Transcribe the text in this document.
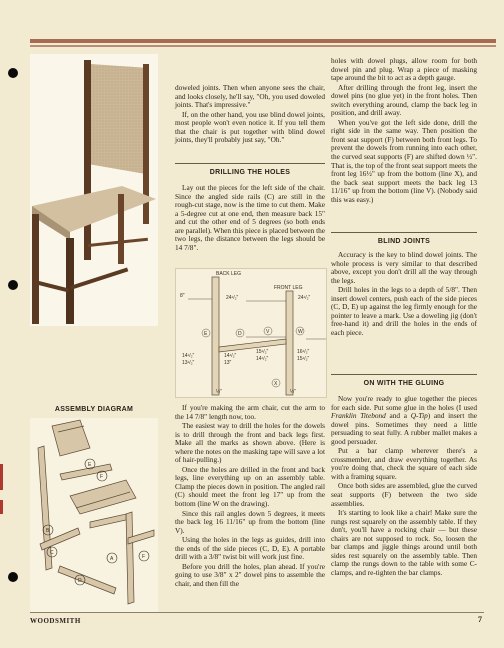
ASSEMBLY DIAGRAM
E
F
B
C
F
A
D

doweled joints. Then when anyone sees the chair, and looks closely, he'll say, "Oh, you used doweled joints. That's impressive."

If, on the other hand, you use blind dowel joints, most people won't even notice it. If you tell them that the chair is put together with blind dowel joints, they'll probably just say, "Oh."

DRILLING THE HOLES

Lay out the pieces for the left side of the chair. Since the angled side rails (C) are still in the rough-cut stage, now is the time to cut them. Make a 5-degree cut at one end, then measure back 15" and cut the other end of 5 degrees (so both ends are parallel). When this piece is placed between the two legs, the distance between the legs should be 14 7/8".

BACK LEG
FRONT LEG
8"	24¹/₂"	24¹/₂"
14¹/₂"
13¹/₂"
14¹/₂"
13"
15¹/₂"
14¹/₂"
16¹/₂"
15¹/₂"
½"	½"
E	D	V	W
X

If you're making the arm chair, cut the arm to the 14 7/8" length now, too.

The easiest way to drill the holes for the dowels is to drill through the front and back legs first. Make all the marks as shown above. (Here is where the notes on the masking tape will save a lot of hair-pulling.)

Once the holes are drilled in the front and back legs, line everything up on an assembly table. Clamp the pieces down in position. The angled rail (C) should meet the front leg 17" up from the bottom (line W on the drawing).

Since this rail angles down 5 degrees, it meets the back leg 16 11/16" up from the bottom (line V).

Using the holes in the legs as guides, drill into the ends of the side pieces (C, D, E). A portable drill with a 3/8" twist bit will work just fine.

Before you drill the holes, plan ahead. If you're going to use 3/8" x 2" dowel pins to assemble the chair, and then fill the

holes with dowel plugs, allow room for both dowel pin and plug. Wrap a piece of masking tape around the bit to act as a depth gauge.

After drilling through the front leg, insert the dowel pins (no glue yet) in the front holes. Then switch everything around, clamp the back leg in position, and drill away.

When you've got the left side done, drill the right side in the same way. Then position the front seat support (F) between both front legs. To prevent the dowels from running into each other, the curved seat supports (F) are shifted down ½". That is, the top of the front seat support meets the front leg 16½" up from the bottom (line X), and the back seat support meets the back leg 13 11/16" up from the bottom (line V). (Nobody said this was easy.)

BLIND JOINTS

Accuracy is the key to blind dowel joints. The whole process is very similar to that described above, except you don't drill all the way through the legs.

Drill holes in the legs to a depth of 5/8". Then insert dowel centers, push each of the side pieces (C, D, E) up against the leg firmly enough for the pointer to leave a mark. Use a doweling jig (don't free-hand it) and drill the holes in the ends of each piece.

ON WITH THE GLUING

Now you're ready to glue together the pieces for each side. Put some glue in the holes (I used Franklin Titebond and a Q-Tip) and insert the dowel pins. Sometimes they need a little persuading to seat fully. A rubber mallet makes a good persuader.

Put a bar clamp wherever there's a crossmember, and draw everything together. As you're doing that, check the square of each side with a framing square.

Once both sides are assembled, glue the curved seat supports (F) between the two side assemblies.

It's starting to look like a chair! Make sure the rungs rest squarely on the assembly table. If they don't, you'll have a rocking chair — but these chairs are not supposed to rock. So, loosen the bar clamps and jiggle things around until both sides rest squarely on the assembly table. Then clamp the rungs down to the table with some C-clamps, and re-tighten the bar clamps.

WOODSMITH	7
